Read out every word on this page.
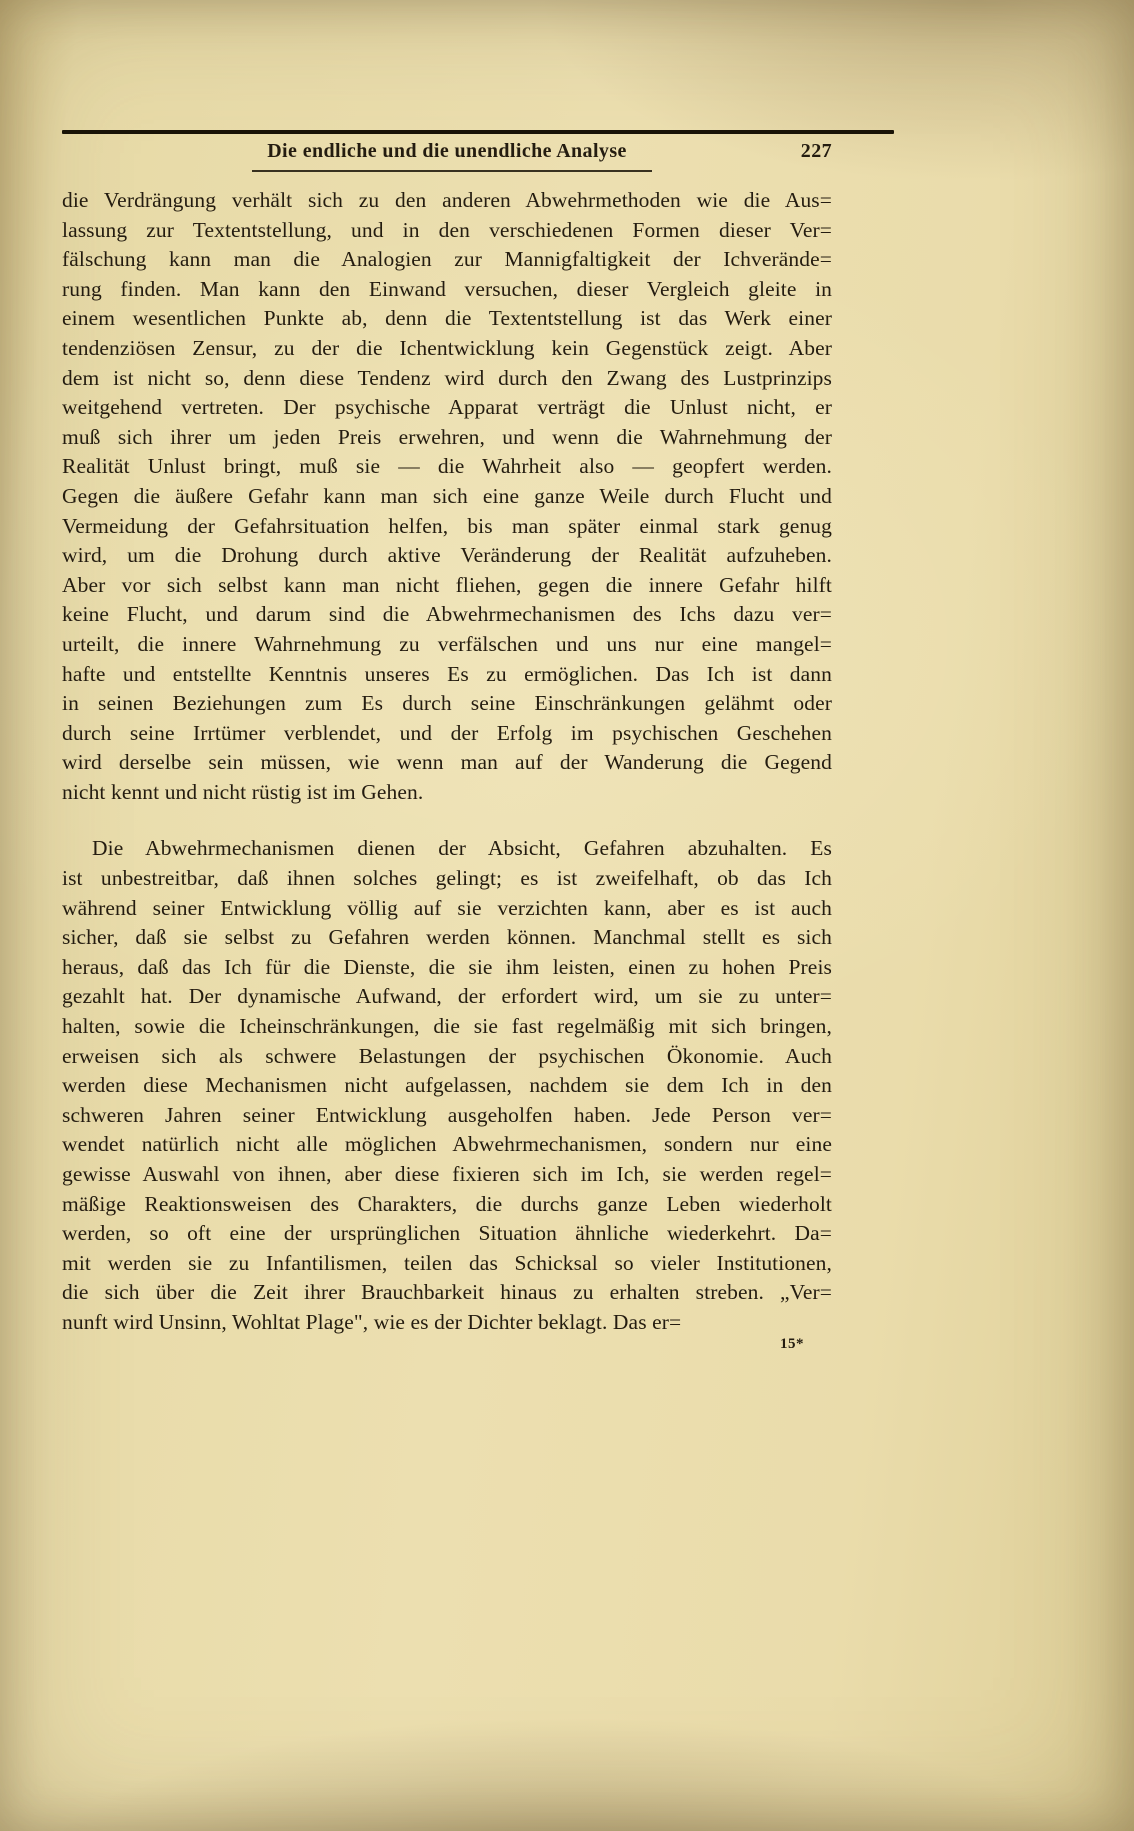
Die endliche und die unendliche Analyse	227
die Verdrängung verhält sich zu den anderen Abwehrmethoden wie die Aus=
lassung zur Textentstellung, und in den verschiedenen Formen dieser Ver=
fälschung kann man die Analogien zur Mannigfaltigkeit der Ichverände=
rung finden. Man kann den Einwand versuchen, dieser Vergleich gleite in
einem wesentlichen Punkte ab, denn die Textentstellung ist das Werk einer
tendenziösen Zensur, zu der die Ichentwicklung kein Gegenstück zeigt. Aber
dem ist nicht so, denn diese Tendenz wird durch den Zwang des Lustprinzips
weitgehend vertreten. Der psychische Apparat verträgt die Unlust nicht, er
muß sich ihrer um jeden Preis erwehren, und wenn die Wahrnehmung der
Realität Unlust bringt, muß sie — die Wahrheit also — geopfert werden.
Gegen die äußere Gefahr kann man sich eine ganze Weile durch Flucht und
Vermeidung der Gefahrsituation helfen, bis man später einmal stark genug
wird, um die Drohung durch aktive Veränderung der Realität aufzuheben.
Aber vor sich selbst kann man nicht fliehen, gegen die innere Gefahr hilft
keine Flucht, und darum sind die Abwehrmechanismen des Ichs dazu ver=
urteilt, die innere Wahrnehmung zu verfälschen und uns nur eine mangel=
hafte und entstellte Kenntnis unseres Es zu ermöglichen. Das Ich ist dann
in seinen Beziehungen zum Es durch seine Einschränkungen gelähmt oder
durch seine Irrtümer verblendet, und der Erfolg im psychischen Geschehen
wird derselbe sein müssen, wie wenn man auf der Wanderung die Gegend
nicht kennt und nicht rüstig ist im Gehen.
Die Abwehrmechanismen dienen der Absicht, Gefahren abzuhalten. Es
ist unbestreitbar, daß ihnen solches gelingt; es ist zweifelhaft, ob das Ich
während seiner Entwicklung völlig auf sie verzichten kann, aber es ist auch
sicher, daß sie selbst zu Gefahren werden können. Manchmal stellt es sich
heraus, daß das Ich für die Dienste, die sie ihm leisten, einen zu hohen Preis
gezahlt hat. Der dynamische Aufwand, der erfordert wird, um sie zu unter=
halten, sowie die Icheinschränkungen, die sie fast regelmäßig mit sich bringen,
erweisen sich als schwere Belastungen der psychischen Ökonomie. Auch
werden diese Mechanismen nicht aufgelassen, nachdem sie dem Ich in den
schweren Jahren seiner Entwicklung ausgeholfen haben. Jede Person ver=
wendet natürlich nicht alle möglichen Abwehrmechanismen, sondern nur eine
gewisse Auswahl von ihnen, aber diese fixieren sich im Ich, sie werden regel=
mäßige Reaktionsweisen des Charakters, die durchs ganze Leben wiederholt
werden, so oft eine der ursprünglichen Situation ähnliche wiederkehrt. Da=
mit werden sie zu Infantilismen, teilen das Schicksal so vieler Institutionen,
die sich über die Zeit ihrer Brauchbarkeit hinaus zu erhalten streben. „Ver=
nunft wird Unsinn, Wohltat Plage", wie es der Dichter beklagt. Das er=
15*
